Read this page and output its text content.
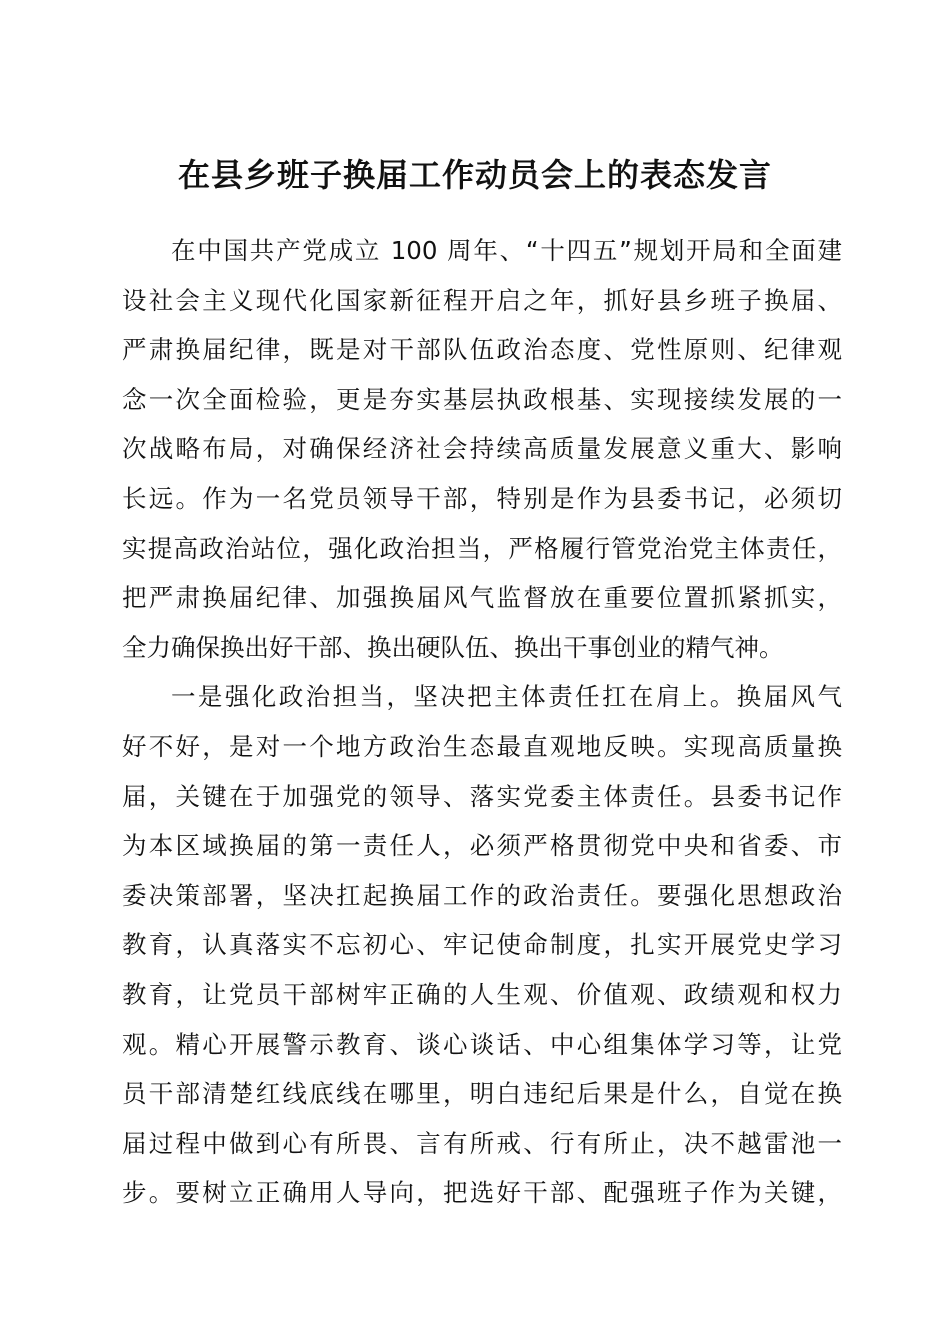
在县乡班子换届工作动员会上的表态发言
在中国共产党成立 100 周年、“十四五”规划开局和全面建
设社会主义现代化国家新征程开启之年，抓好县乡班子换届、
严肃换届纪律，既是对干部队伍政治态度、党性原则、纪律观
念一次全面检验，更是夯实基层执政根基、实现接续发展的一
次战略布局，对确保经济社会持续高质量发展意义重大、影响
长远。作为一名党员领导干部，特别是作为县委书记，必须切
实提高政治站位，强化政治担当，严格履行管党治党主体责任，
把严肃换届纪律、加强换届风气监督放在重要位置抓紧抓实，
全力确保换出好干部、换出硬队伍、换出干事创业的精气神。
一是强化政治担当，坚决把主体责任扛在肩上。换届风气
好不好，是对一个地方政治生态最直观地反映。实现高质量换
届，关键在于加强党的领导、落实党委主体责任。县委书记作
为本区域换届的第一责任人，必须严格贯彻党中央和省委、市
委决策部署，坚决扛起换届工作的政治责任。要强化思想政治
教育，认真落实不忘初心、牢记使命制度，扎实开展党史学习
教育，让党员干部树牢正确的人生观、价值观、政绩观和权力
观。精心开展警示教育、谈心谈话、中心组集体学习等，让党
员干部清楚红线底线在哪里，明白违纪后果是什么，自觉在换
届过程中做到心有所畏、言有所戒、行有所止，决不越雷池一
步。要树立正确用人导向，把选好干部、配强班子作为关键，
